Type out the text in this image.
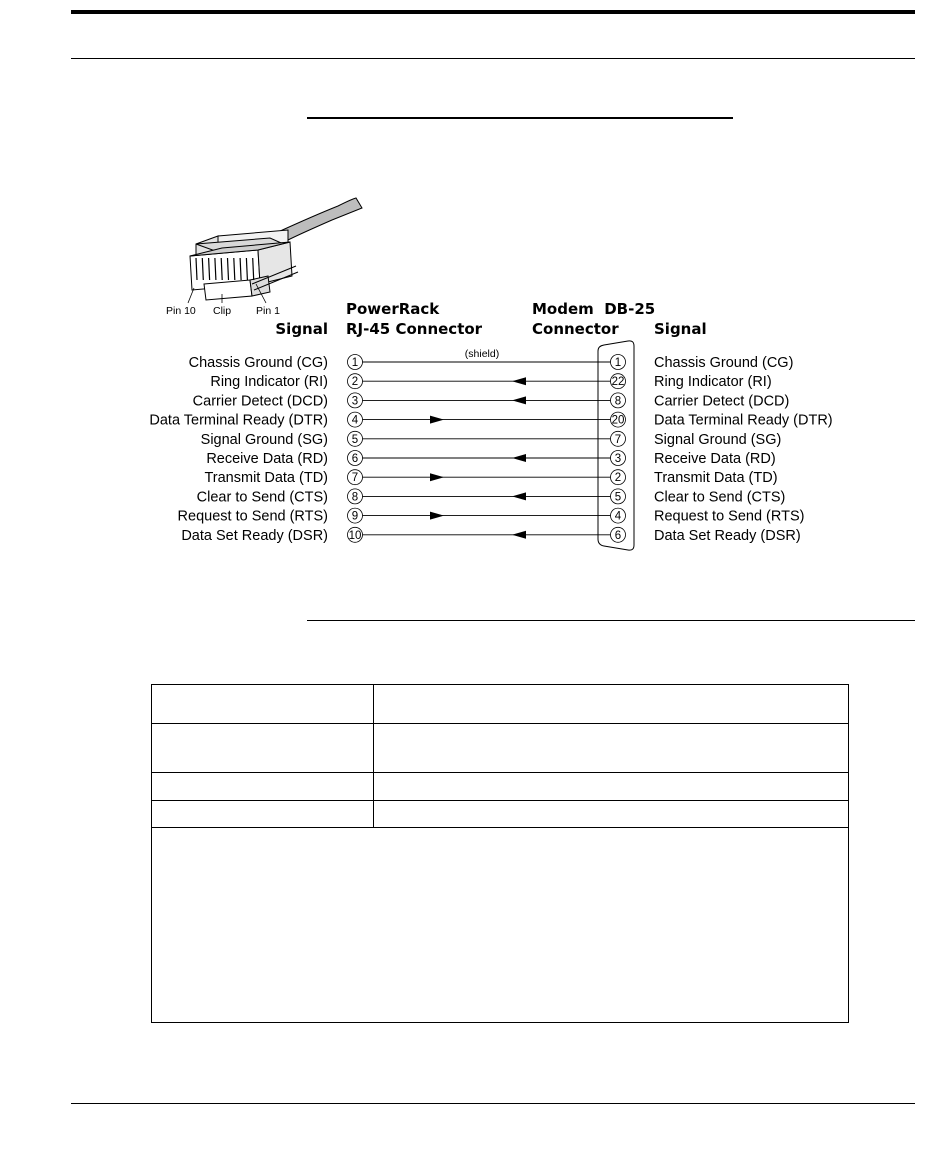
Pin 10 Clip Pin 1	PowerRack
RJ-45 Connector
Modem  DB-25
Connector
Signal	Signal
(shield)
Chassis Ground (CG) 1	1 Chassis Ground (CG)
Ring Indicator (RI) 2	22 Ring Indicator (RI)
Carrier Detect (DCD) 3	8 Carrier Detect (DCD)
Data Terminal Ready (DTR) 4	20 Data Terminal Ready (DTR)
Signal Ground (SG) 5	7 Signal Ground (SG)
Receive Data (RD) 6	3 Receive Data (RD)
Transmit Data (TD) 7	2 Transmit Data (TD)
Clear to Send (CTS) 8	5 Clear to Send (CTS)
Request to Send (RTS) 9	4 Request to Send (RTS)
Data Set Ready (DSR) 10	6 Data Set Ready (DSR)
